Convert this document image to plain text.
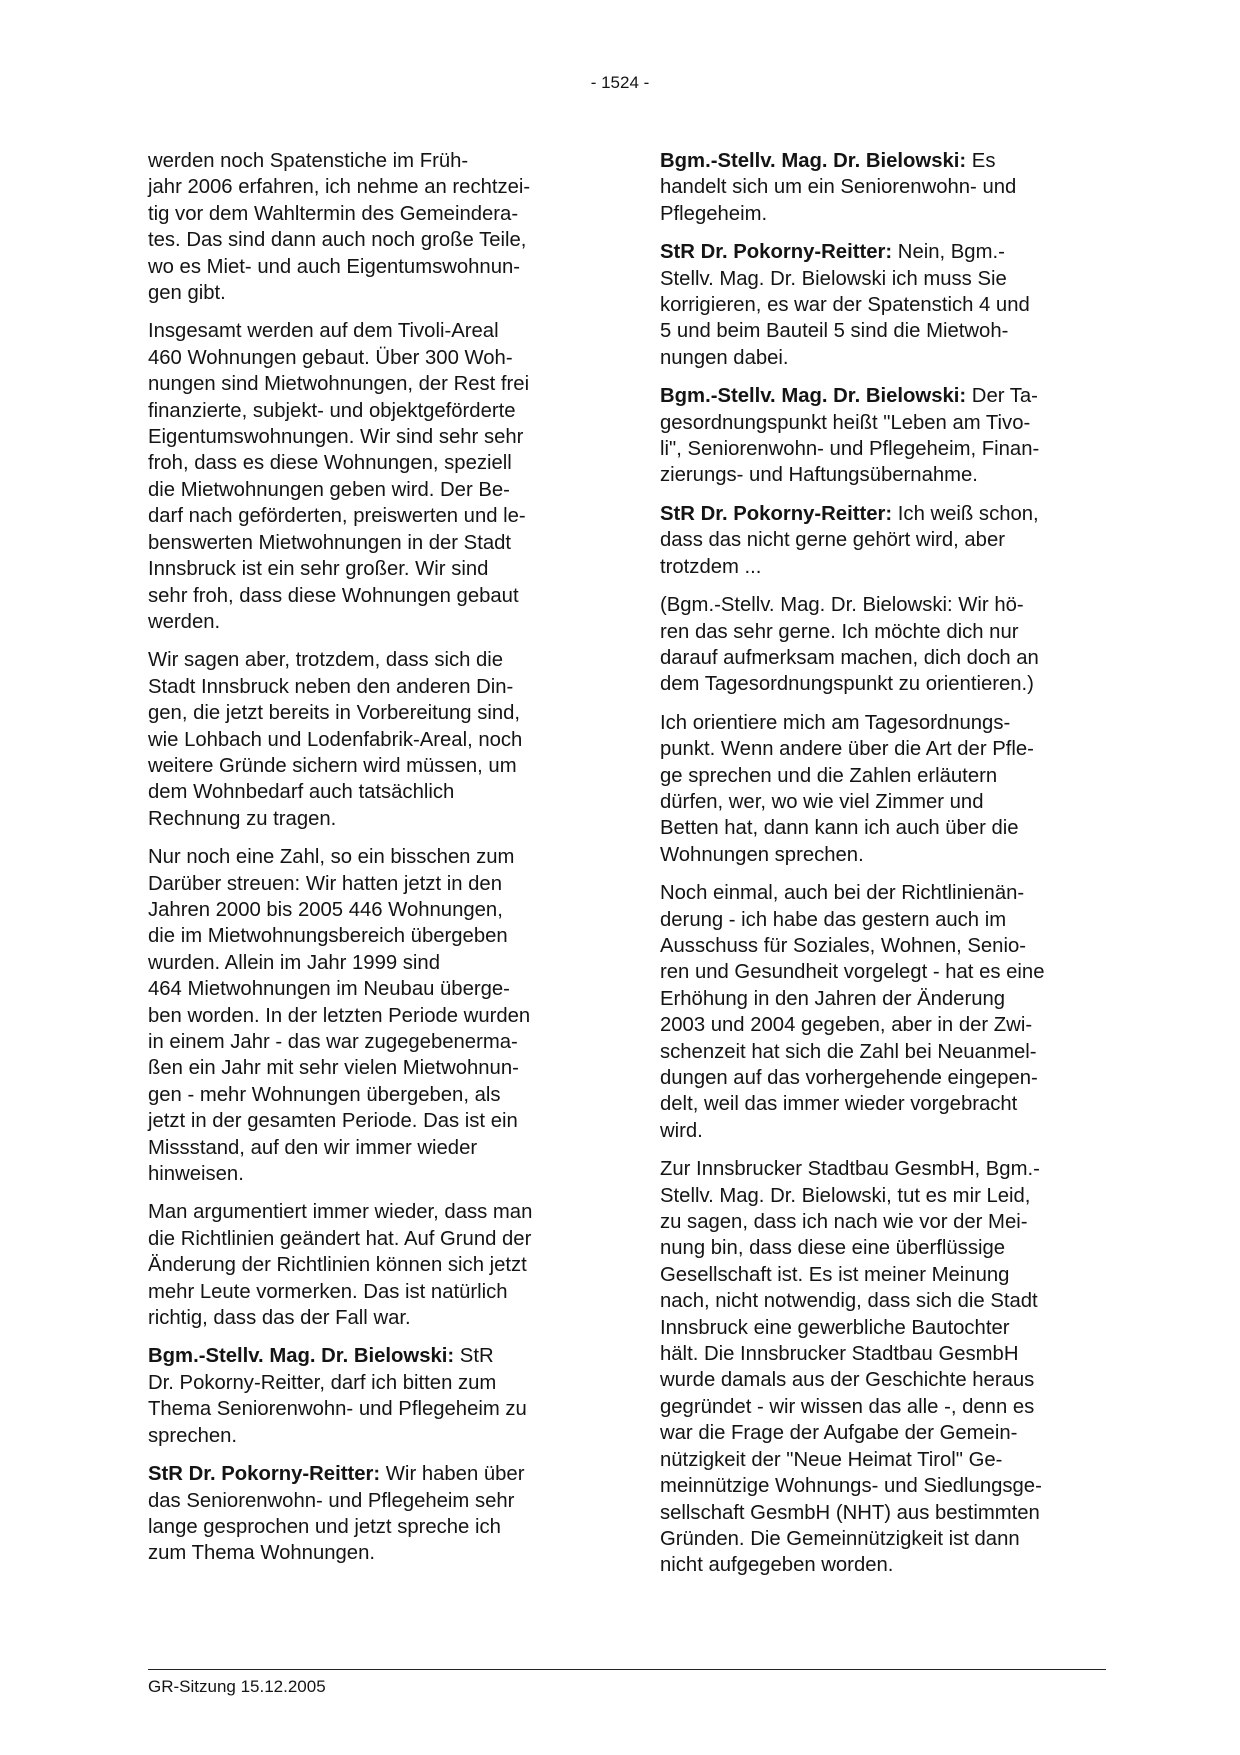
- 1524 -

werden noch Spatenstiche im Früh-
jahr 2006 erfahren, ich nehme an rechtzei-
tig vor dem Wahltermin des Gemeindera-
tes. Das sind dann auch noch große Teile,
wo es Miet- und auch Eigentumswohnun-
gen gibt.

Insgesamt werden auf dem Tivoli-Areal
460 Wohnungen gebaut. Über 300 Woh-
nungen sind Mietwohnungen, der Rest frei
finanzierte, subjekt- und objektgeförderte
Eigentumswohnungen. Wir sind sehr sehr
froh, dass es diese Wohnungen, speziell
die Mietwohnungen geben wird. Der Be-
darf nach geförderten, preiswerten und le-
benswerten Mietwohnungen in der Stadt
Innsbruck ist ein sehr großer. Wir sind
sehr froh, dass diese Wohnungen gebaut
werden.

Wir sagen aber, trotzdem, dass sich die
Stadt Innsbruck neben den anderen Din-
gen, die jetzt bereits in Vorbereitung sind,
wie Lohbach und Lodenfabrik-Areal, noch
weitere Gründe sichern wird müssen, um
dem Wohnbedarf auch tatsächlich
Rechnung zu tragen.

Nur noch eine Zahl, so ein bisschen zum
Darüber streuen: Wir hatten jetzt in den
Jahren 2000 bis 2005 446 Wohnungen,
die im Mietwohnungsbereich übergeben
wurden. Allein im Jahr 1999 sind
464 Mietwohnungen im Neubau überge-
ben worden. In der letzten Periode wurden
in einem Jahr - das war zugegebenerma-
ßen ein Jahr mit sehr vielen Mietwohnun-
gen - mehr Wohnungen übergeben, als
jetzt in der gesamten Periode. Das ist ein
Missstand, auf den wir immer wieder
hinweisen.

Man argumentiert immer wieder, dass man
die Richtlinien geändert hat. Auf Grund der
Änderung der Richtlinien können sich jetzt
mehr Leute vormerken. Das ist natürlich
richtig, dass das der Fall war.

Bgm.-Stellv. Mag. Dr. Bielowski: StR
Dr. Pokorny-Reitter, darf ich bitten zum
Thema Seniorenwohn- und Pflegeheim zu
sprechen.

StR Dr. Pokorny-Reitter: Wir haben über
das Seniorenwohn- und Pflegeheim sehr
lange gesprochen und jetzt spreche ich
zum Thema Wohnungen.

Bgm.-Stellv. Mag. Dr. Bielowski: Es
handelt sich um ein Seniorenwohn- und
Pflegeheim.

StR Dr. Pokorny-Reitter: Nein, Bgm.-
Stellv. Mag. Dr. Bielowski ich muss Sie
korrigieren, es war der Spatenstich 4 und
5 und beim Bauteil 5 sind die Mietwoh-
nungen dabei.

Bgm.-Stellv. Mag. Dr. Bielowski: Der Ta-
gesordnungspunkt heißt "Leben am Tivo-
li", Seniorenwohn- und Pflegeheim, Finan-
zierungs- und Haftungsübernahme.

StR Dr. Pokorny-Reitter: Ich weiß schon,
dass das nicht gerne gehört wird, aber
trotzdem ...

(Bgm.-Stellv. Mag. Dr. Bielowski: Wir hö-
ren das sehr gerne. Ich möchte dich nur
darauf aufmerksam machen, dich doch an
dem Tagesordnungspunkt zu orientieren.)

Ich orientiere mich am Tagesordnungs-
punkt. Wenn andere über die Art der Pfle-
ge sprechen und die Zahlen erläutern
dürfen, wer, wo wie viel Zimmer und
Betten hat, dann kann ich auch über die
Wohnungen sprechen.

Noch einmal, auch bei der Richtlinienän-
derung - ich habe das gestern auch im
Ausschuss für Soziales, Wohnen, Senio-
ren und Gesundheit vorgelegt - hat es eine
Erhöhung in den Jahren der Änderung
2003 und 2004 gegeben, aber in der Zwi-
schenzeit hat sich die Zahl bei Neuanmel-
dungen auf das vorhergehende eingepen-
delt, weil das immer wieder vorgebracht
wird.

Zur Innsbrucker Stadtbau GesmbH, Bgm.-
Stellv. Mag. Dr. Bielowski, tut es mir Leid,
zu sagen, dass ich nach wie vor der Mei-
nung bin, dass diese eine überflüssige
Gesellschaft ist. Es ist meiner Meinung
nach, nicht notwendig, dass sich die Stadt
Innsbruck eine gewerbliche Bautochter
hält. Die Innsbrucker Stadtbau GesmbH
wurde damals aus der Geschichte heraus
gegründet - wir wissen das alle -, denn es
war die Frage der Aufgabe der Gemein-
nützigkeit der "Neue Heimat Tirol" Ge-
meinnützige Wohnungs- und Siedlungsge-
sellschaft GesmbH (NHT) aus bestimmten
Gründen. Die Gemeinnützigkeit ist dann
nicht aufgegeben worden.

GR-Sitzung 15.12.2005
